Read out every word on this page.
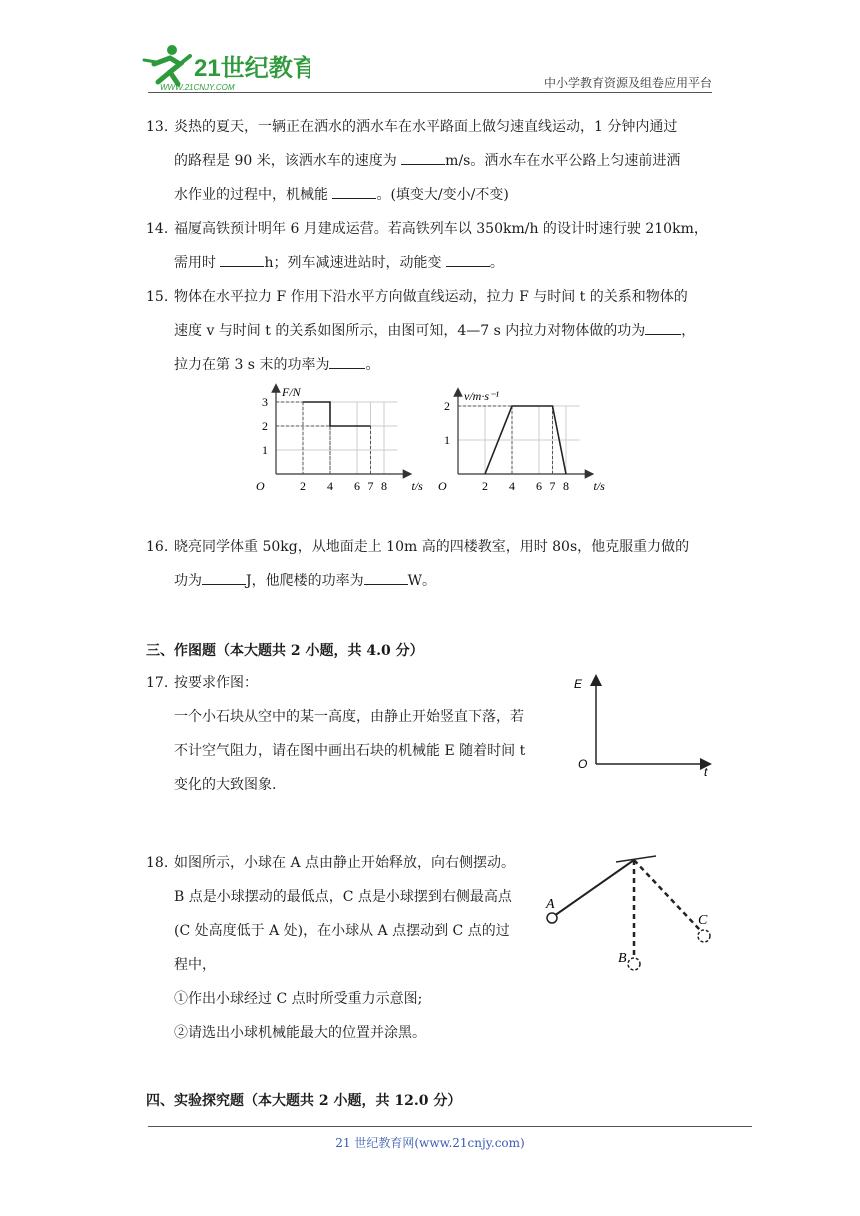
21世纪教育
WWW.21CNJY.COM	中小学教育资源及组卷应用平台
13. 炎热的夏天，一辆正在洒水的洒水车在水平路面上做匀速直线运动，1 分钟内通过
的路程是 90 米，该洒水车的速度为	m/s。洒水车在水平公路上匀速前进洒
水作业的过程中，机械能	。(填变大/变小/不变)
14. 福厦高铁预计明年 6 月建成运营。若高铁列车以 350km/h 的设计时速行驶 210km，
需用时	h；列车减速进站时，动能变	。
15. 物体在水平拉力 F 作用下沿水平方向做直线运动，拉力 F 与时间 t 的关系和物体的
速度 v 与时间 t 的关系如图所示，由图可知，4—7 s 内拉力对物体做的功为	，
拉力在第 3 s 末的功率为	。
2 4 6 7 8
1
2
3
O	t/s
F/N
2 4 6 7 8
1
2
O	t/s
v/m·s⁻¹
16. 晓亮同学体重 50kg，从地面走上 10m 高的四楼教室，用时 80s，他克服重力做的
功为	J，他爬楼的功率为	W。
三、作图题（本大题共 2 小题，共 4.0 分）
17. 按要求作图：
一个小石块从空中的某一高度，由静止开始竖直下落，若
不计空气阻力，请在图中画出石块的机械能 E 随着时间 t
变化的大致图象.
E
O
t
18. 如图所示，小球在 A 点由静止开始释放，向右侧摆动。
B 点是小球摆动的最低点，C 点是小球摆到右侧最高点
(C 处高度低于 A 处)，在小球从 A 点摆动到 C 点的过
程中，
①作出小球经过 C 点时所受重力示意图;
②请选出小球机械能最大的位置并涂黑。
A
B
C
四、实验探究题（本大题共 2 小题，共 12.0 分）
21 世纪教育网(www.21cnjy.com)
